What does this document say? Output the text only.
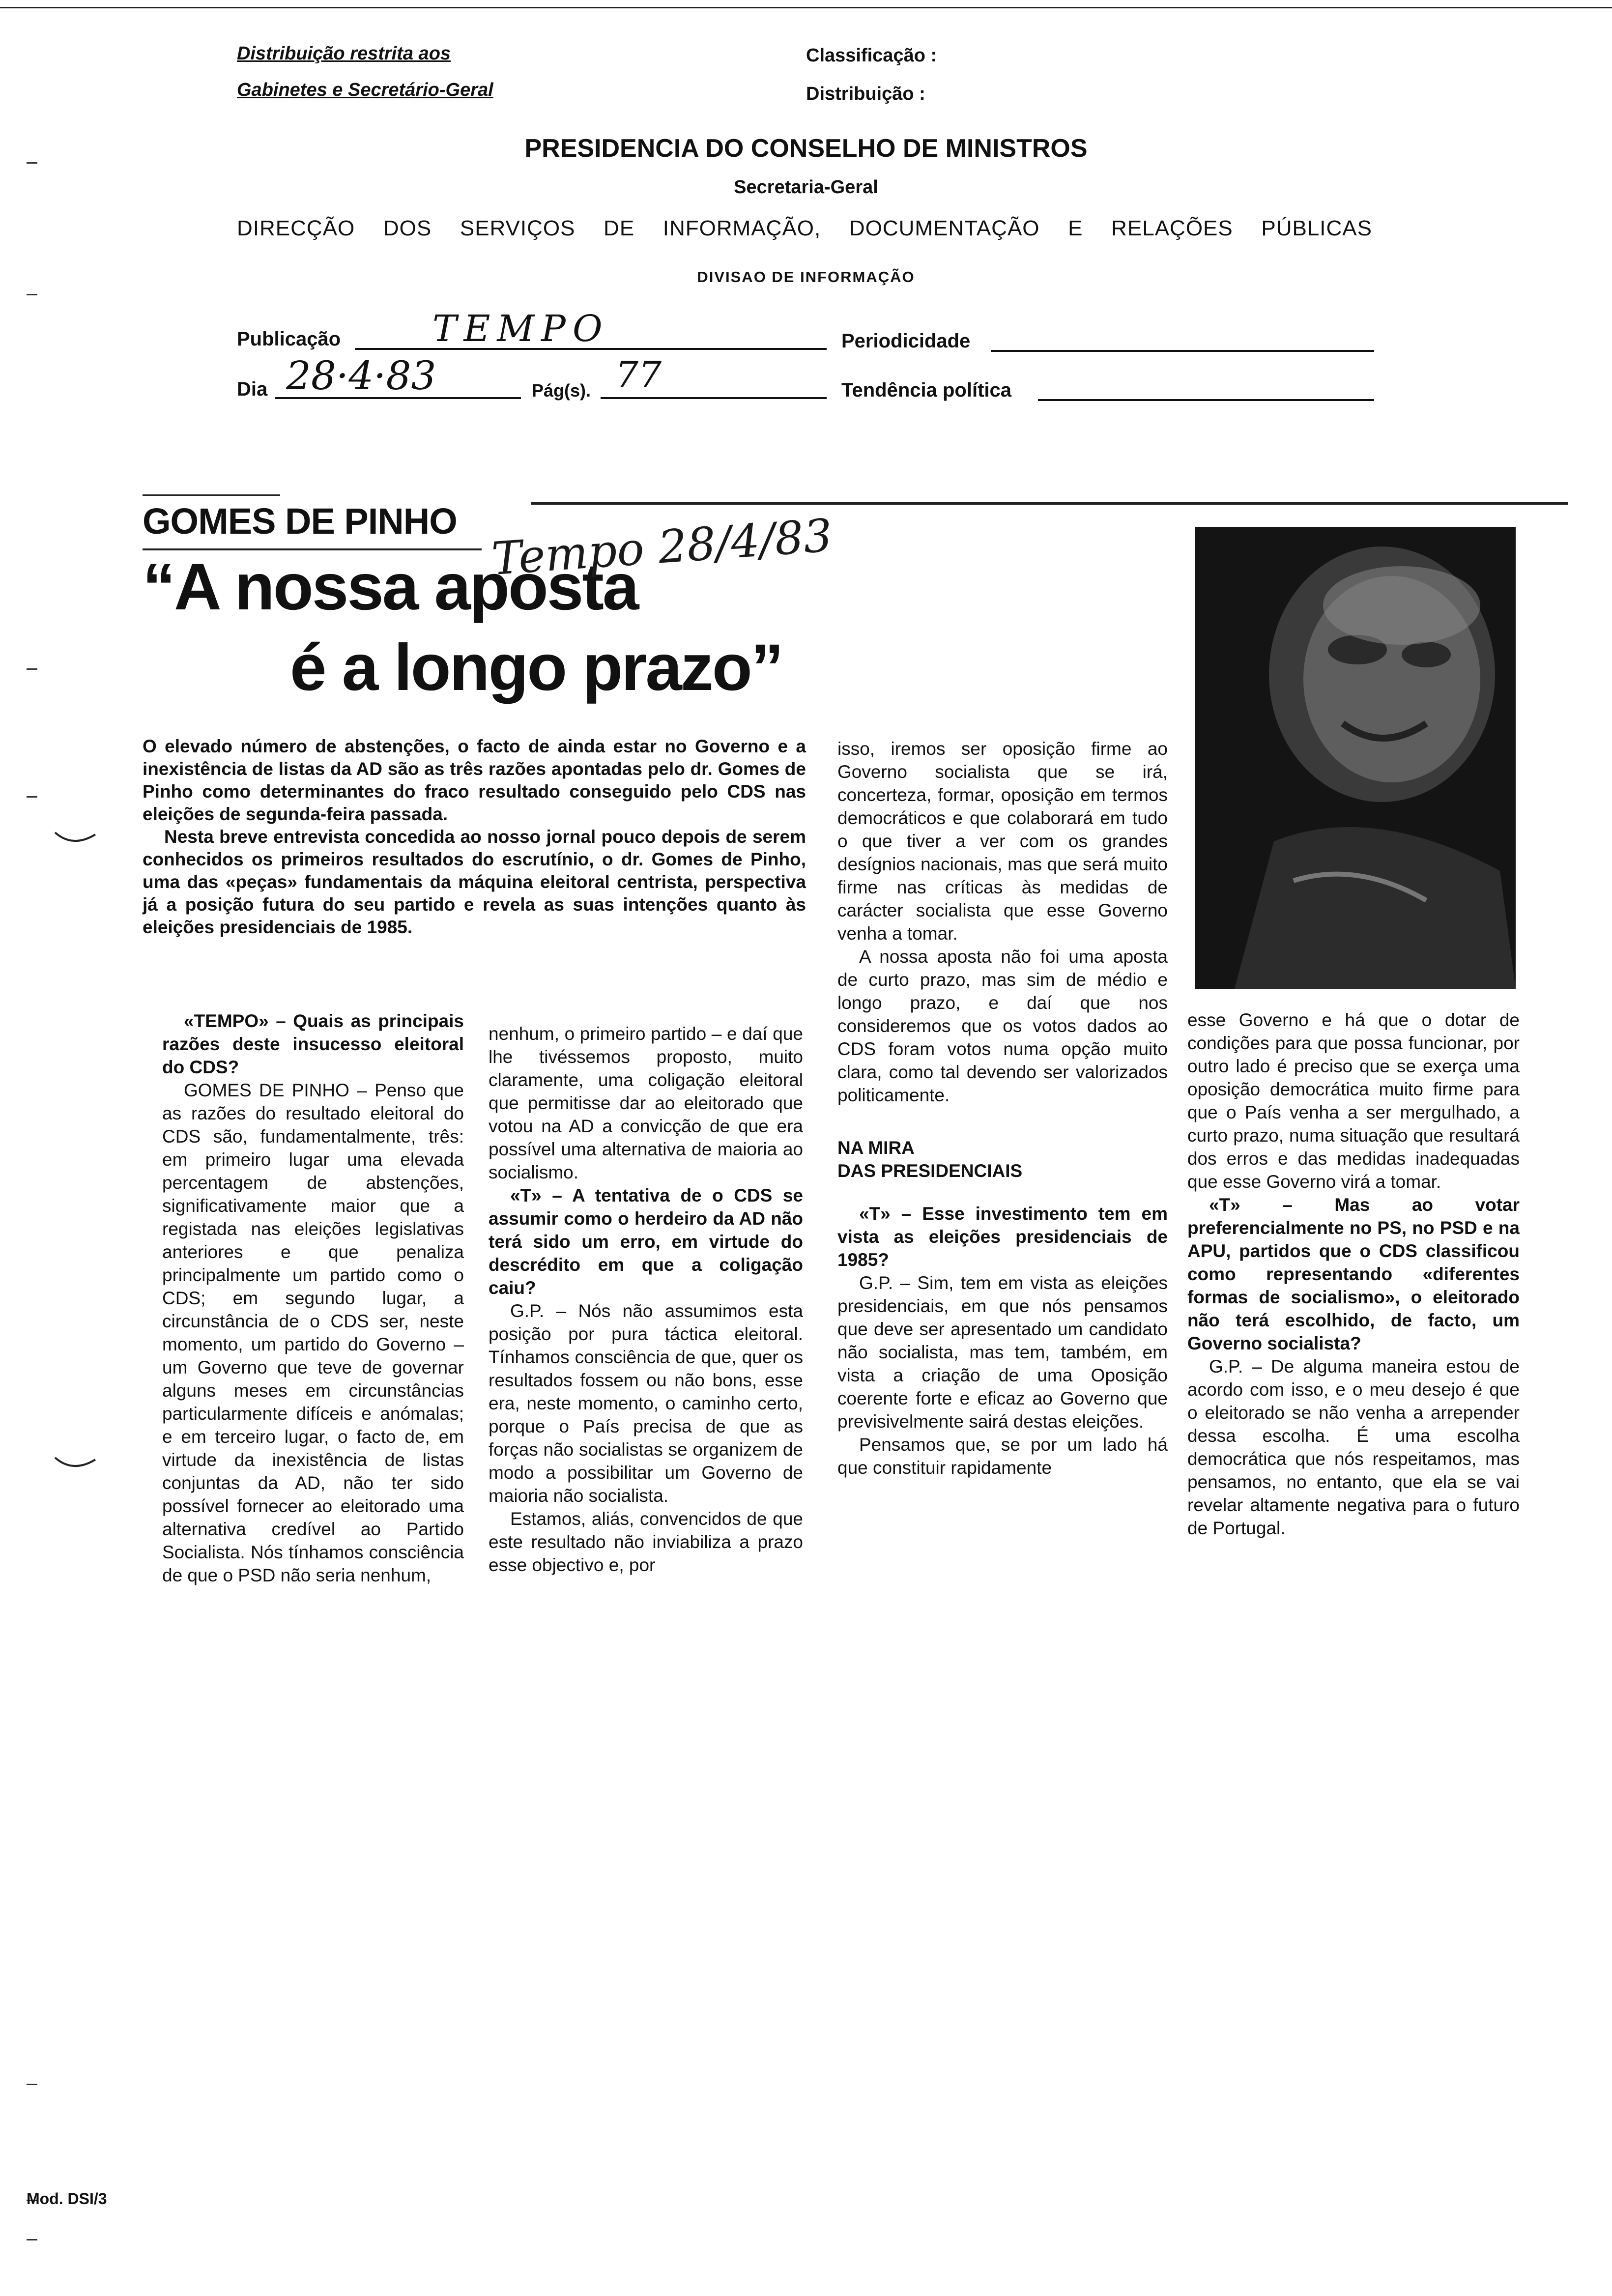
Distribuição restrita aos
Gabinetes e Secretário-Geral
Classificação :
Distribuição :
PRESIDENCIA DO CONSELHO DE MINISTROS
Secretaria-Geral
DIRECÇÃO DOS SERVIÇOS DE INFORMAÇÃO, DOCUMENTAÇÃO E RELAÇÕES PÚBLICAS
DIVISAO DE INFORMAÇÃO
Publicação	TEMPO	Periodicidade
Dia 28·4·83	Pág(s). 77	Tendência política
GOMES DE PINHO
“A nossa aposta
é a longo prazo”
Tempo 28/4/83

O elevado número de abstenções, o facto de ainda estar no Governo e a inexistência de listas da AD são as três razões apontadas pelo dr. Gomes de Pinho como determinantes do fraco resultado conseguido pelo CDS nas eleições de segunda-feira passada.

Nesta breve entrevista concedida ao nosso jornal pouco depois de serem conhecidos os primeiros resultados do escrutínio, o dr. Gomes de Pinho, uma das «peças» fundamentais da máquina eleitoral centrista, perspectiva já a posição futura do seu partido e revela as suas intenções quanto às eleições presidenciais de 1985.

isso, iremos ser oposição firme ao Governo socialista que se irá, concerteza, formar, oposição em termos democráticos e que colaborará em tudo o que tiver a ver com os grandes desígnios nacionais, mas que será muito firme nas críticas às medidas de carácter socialista que esse Governo venha a tomar.

A nossa aposta não foi uma aposta de curto prazo, mas sim de médio e longo prazo, e daí que nos consideremos que os votos dados ao CDS foram votos numa opção muito clara, como tal devendo ser valorizados politicamente.

NA MIRA
DAS PRESIDENCIAIS

«T» – Esse investimento tem em vista as eleições presidenciais de 1985?

G.P. – Sim, tem em vista as eleições presidenciais, em que nós pensamos que deve ser apresentado um candidato não socialista, mas tem, também, em vista a criação de uma Oposição coerente forte e eficaz ao Governo que previsivelmente sairá destas eleições.

Pensamos que, se por um lado há que constituir rapidamente

«TEMPO» – Quais as principais razões deste insucesso eleitoral do CDS?

GOMES DE PINHO – Penso que as razões do resultado eleitoral do CDS são, fundamentalmente, três: em primeiro lugar uma elevada percentagem de abstenções, significativamente maior que a registada nas eleições legislativas anteriores e que penaliza principalmente um partido como o CDS; em segundo lugar, a circunstância de o CDS ser, neste momento, um partido do Governo – um Governo que teve de governar alguns meses em circunstâncias particularmente difíceis e anómalas; e em terceiro lugar, o facto de, em virtude da inexistência de listas conjuntas da AD, não ter sido possível fornecer ao eleitorado uma alternativa credível ao Partido Socialista. Nós tínhamos consciência de que o PSD não seria nenhum,

nenhum, o primeiro partido – e daí que lhe tivéssemos proposto, muito claramente, uma coligação eleitoral que permitisse dar ao eleitorado que votou na AD a convicção de que era possível uma alternativa de maioria ao socialismo.

«T» – A tentativa de o CDS se assumir como o herdeiro da AD não terá sido um erro, em virtude do descrédito em que a coligação caiu?

G.P. – Nós não assumimos esta posição por pura táctica eleitoral. Tínhamos consciência de que, quer os resultados fossem ou não bons, esse era, neste momento, o caminho certo, porque o País precisa de que as forças não socialistas se organizem de modo a possibilitar um Governo de maioria não socialista.

Estamos, aliás, convencidos de que este resultado não inviabiliza a prazo esse objectivo e, por

esse Governo e há que o dotar de condições para que possa funcionar, por outro lado é preciso que se exerça uma oposição democrática muito firme para que o País venha a ser mergulhado, a curto prazo, numa situação que resultará dos erros e das medidas inadequadas que esse Governo virá a tomar.

«T» – Mas ao votar preferencialmente no PS, no PSD e na APU, partidos que o CDS classificou como representando «diferentes formas de socialismo», o eleitorado não terá escolhido, de facto, um Governo socialista?

G.P. – De alguma maneira estou de acordo com isso, e o meu desejo é que o eleitorado se não venha a arrepender dessa escolha. É uma escolha democrática que nós respeitamos, mas pensamos, no entanto, que ela se vai revelar altamente negativa para o futuro de Portugal.

Mod. DSI/3
